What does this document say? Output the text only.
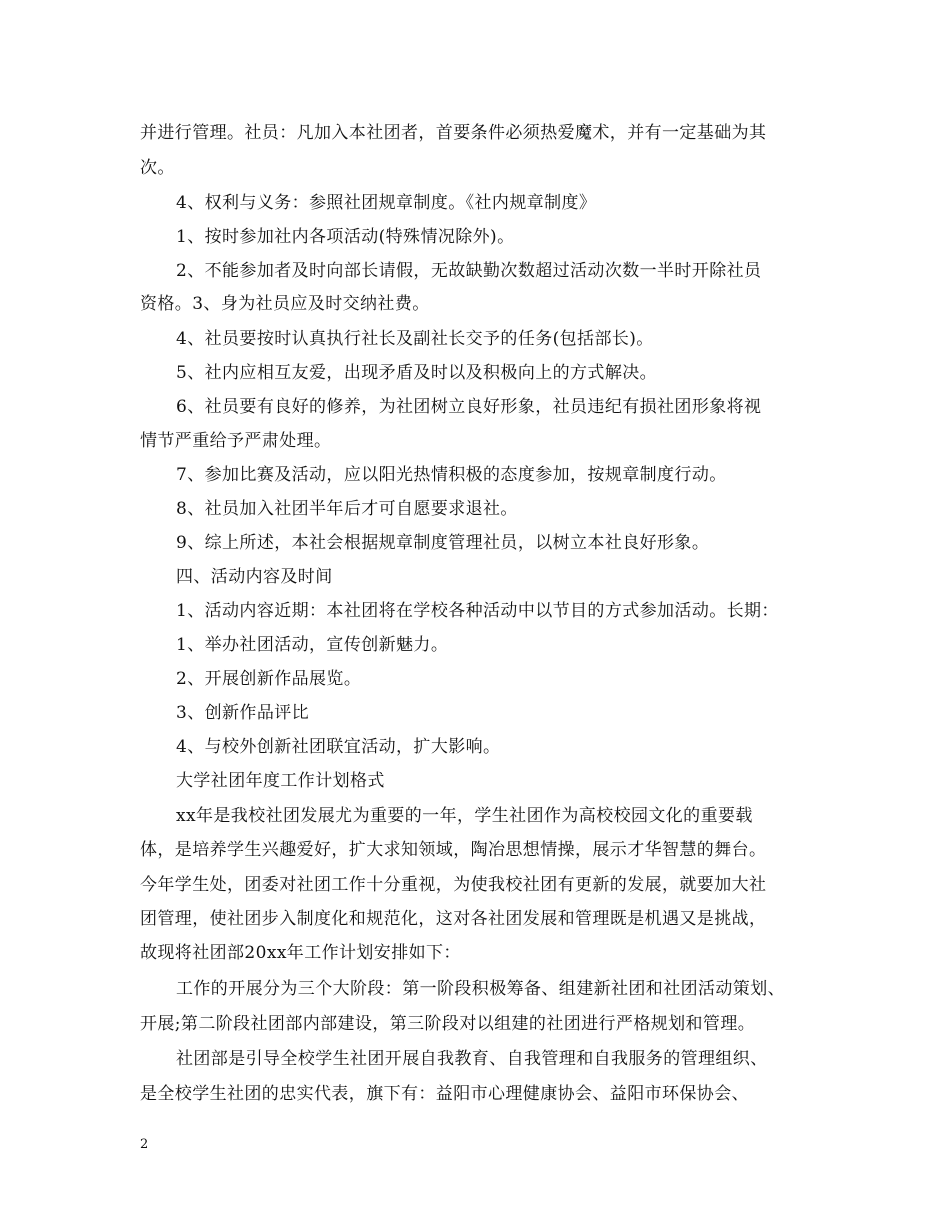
并进行管理。社员：凡加入本社团者，首要条件必须热爱魔术，并有一定基础为其
次。
4、权利与义务：参照社团规章制度。《社内规章制度》
1、按时参加社内各项活动(特殊情况除外)。
2、不能参加者及时向部长请假，无故缺勤次数超过活动次数一半时开除社员
资格。3、身为社员应及时交纳社费。
4、社员要按时认真执行社长及副社长交予的任务(包括部长)。
5、社内应相互友爱，出现矛盾及时以及积极向上的方式解决。
6、社员要有良好的修养，为社团树立良好形象，社员违纪有损社团形象将视
情节严重给予严肃处理。
7、参加比赛及活动，应以阳光热情积极的态度参加，按规章制度行动。
8、社员加入社团半年后才可自愿要求退社。
9、综上所述，本社会根据规章制度管理社员，以树立本社良好形象。
四、活动内容及时间
1、活动内容近期：本社团将在学校各种活动中以节目的方式参加活动。长期：
1、举办社团活动，宣传创新魅力。
2、开展创新作品展览。
3、创新作品评比
4、与校外创新社团联宜活动，扩大影响。
大学社团年度工作计划格式
xx年是我校社团发展尤为重要的一年，学生社团作为高校校园文化的重要载
体，是培养学生兴趣爱好，扩大求知领域，陶冶思想情操，展示才华智慧的舞台。
今年学生处，团委对社团工作十分重视，为使我校社团有更新的发展，就要加大社
团管理，使社团步入制度化和规范化，这对各社团发展和管理既是机遇又是挑战，
故现将社团部20xx年工作计划安排如下：
工作的开展分为三个大阶段：第一阶段积极筹备、组建新社团和社团活动策划、
开展;第二阶段社团部内部建设，第三阶段对以组建的社团进行严格规划和管理。
社团部是引导全校学生社团开展自我教育、自我管理和自我服务的管理组织、
是全校学生社团的忠实代表，旗下有：益阳市心理健康协会、益阳市环保协会、
2
